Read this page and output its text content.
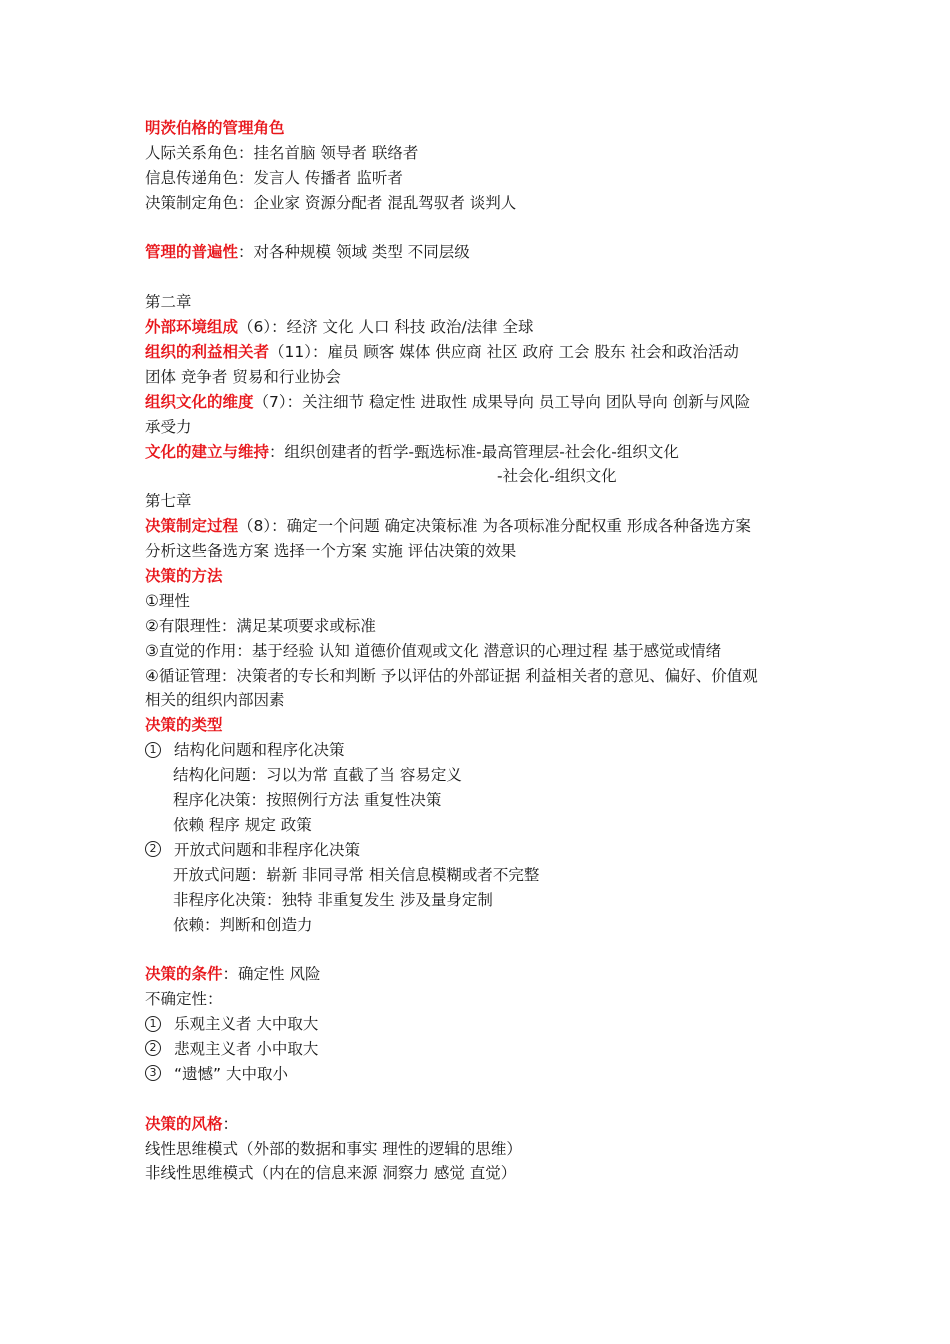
明茨伯格的管理角色
人际关系角色：挂名首脑 领导者 联络者
信息传递角色：发言人 传播者 监听者
决策制定角色：企业家 资源分配者 混乱驾驭者 谈判人
管理的普遍性：对各种规模 领域 类型 不同层级
第二章
外部环境组成（6）：经济 文化 人口 科技 政治/法律 全球
组织的利益相关者（11）：雇员 顾客 媒体 供应商 社区 政府 工会 股东 社会和政治活动
团体 竞争者 贸易和行业协会
组织文化的维度（7）：关注细节 稳定性 进取性 成果导向 员工导向 团队导向 创新与风险
承受力
文化的建立与维持：组织创建者的哲学-甄选标准-最高管理层-社会化-组织文化
-社会化-组织文化
第七章
决策制定过程（8）：确定一个问题 确定决策标准 为各项标准分配权重 形成各种备选方案
分析这些备选方案 选择一个方案 实施 评估决策的效果
决策的方法
①理性
②有限理性：满足某项要求或标准
③直觉的作用：基于经验 认知 道德价值观或文化 潜意识的心理过程 基于感觉或情绪
④循证管理：决策者的专长和判断 予以评估的外部证据 利益相关者的意见、偏好、价值观
相关的组织内部因素
决策的类型
1 结构化问题和程序化决策
结构化问题：习以为常 直截了当 容易定义
程序化决策：按照例行方法 重复性决策
依赖 程序 规定 政策
2 开放式问题和非程序化决策
开放式问题：崭新 非同寻常 相关信息模糊或者不完整
非程序化决策：独特 非重复发生 涉及量身定制
依赖：判断和创造力
决策的条件：确定性 风险
不确定性：
1 乐观主义者 大中取大
2 悲观主义者 小中取大
3 “遗憾” 大中取小
决策的风格：
线性思维模式（外部的数据和事实 理性的逻辑的思维）
非线性思维模式（内在的信息来源 洞察力 感觉 直觉）
